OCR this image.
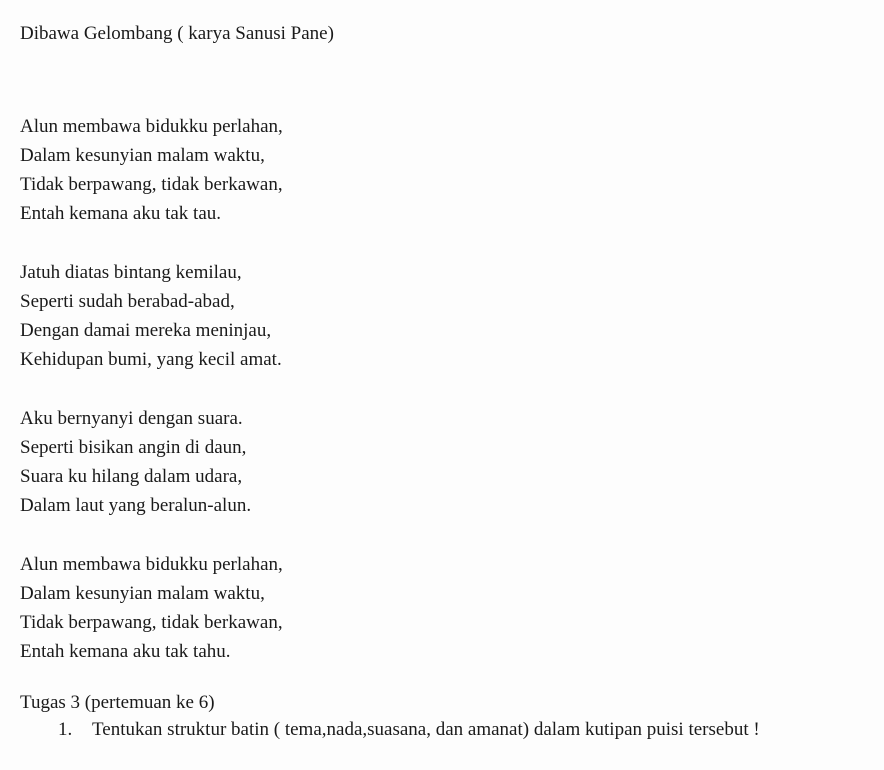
Dibawa Gelombang ( karya Sanusi Pane)
Alun membawa bidukku perlahan,
Dalam kesunyian malam waktu,
Tidak berpawang, tidak berkawan,
Entah kemana aku tak tau.
Jatuh diatas bintang kemilau,
Seperti sudah berabad-abad,
Dengan damai mereka meninjau,
Kehidupan bumi, yang kecil amat.
Aku bernyanyi dengan suara.
Seperti bisikan angin di daun,
Suara ku hilang dalam udara,
Dalam laut yang beralun-alun.
Alun membawa bidukku perlahan,
Dalam kesunyian malam waktu,
Tidak berpawang, tidak berkawan,
Entah kemana aku tak tahu.
Tugas 3 (pertemuan ke 6)
1. Tentukan struktur batin ( tema,nada,suasana, dan amanat) dalam kutipan puisi tersebut !
